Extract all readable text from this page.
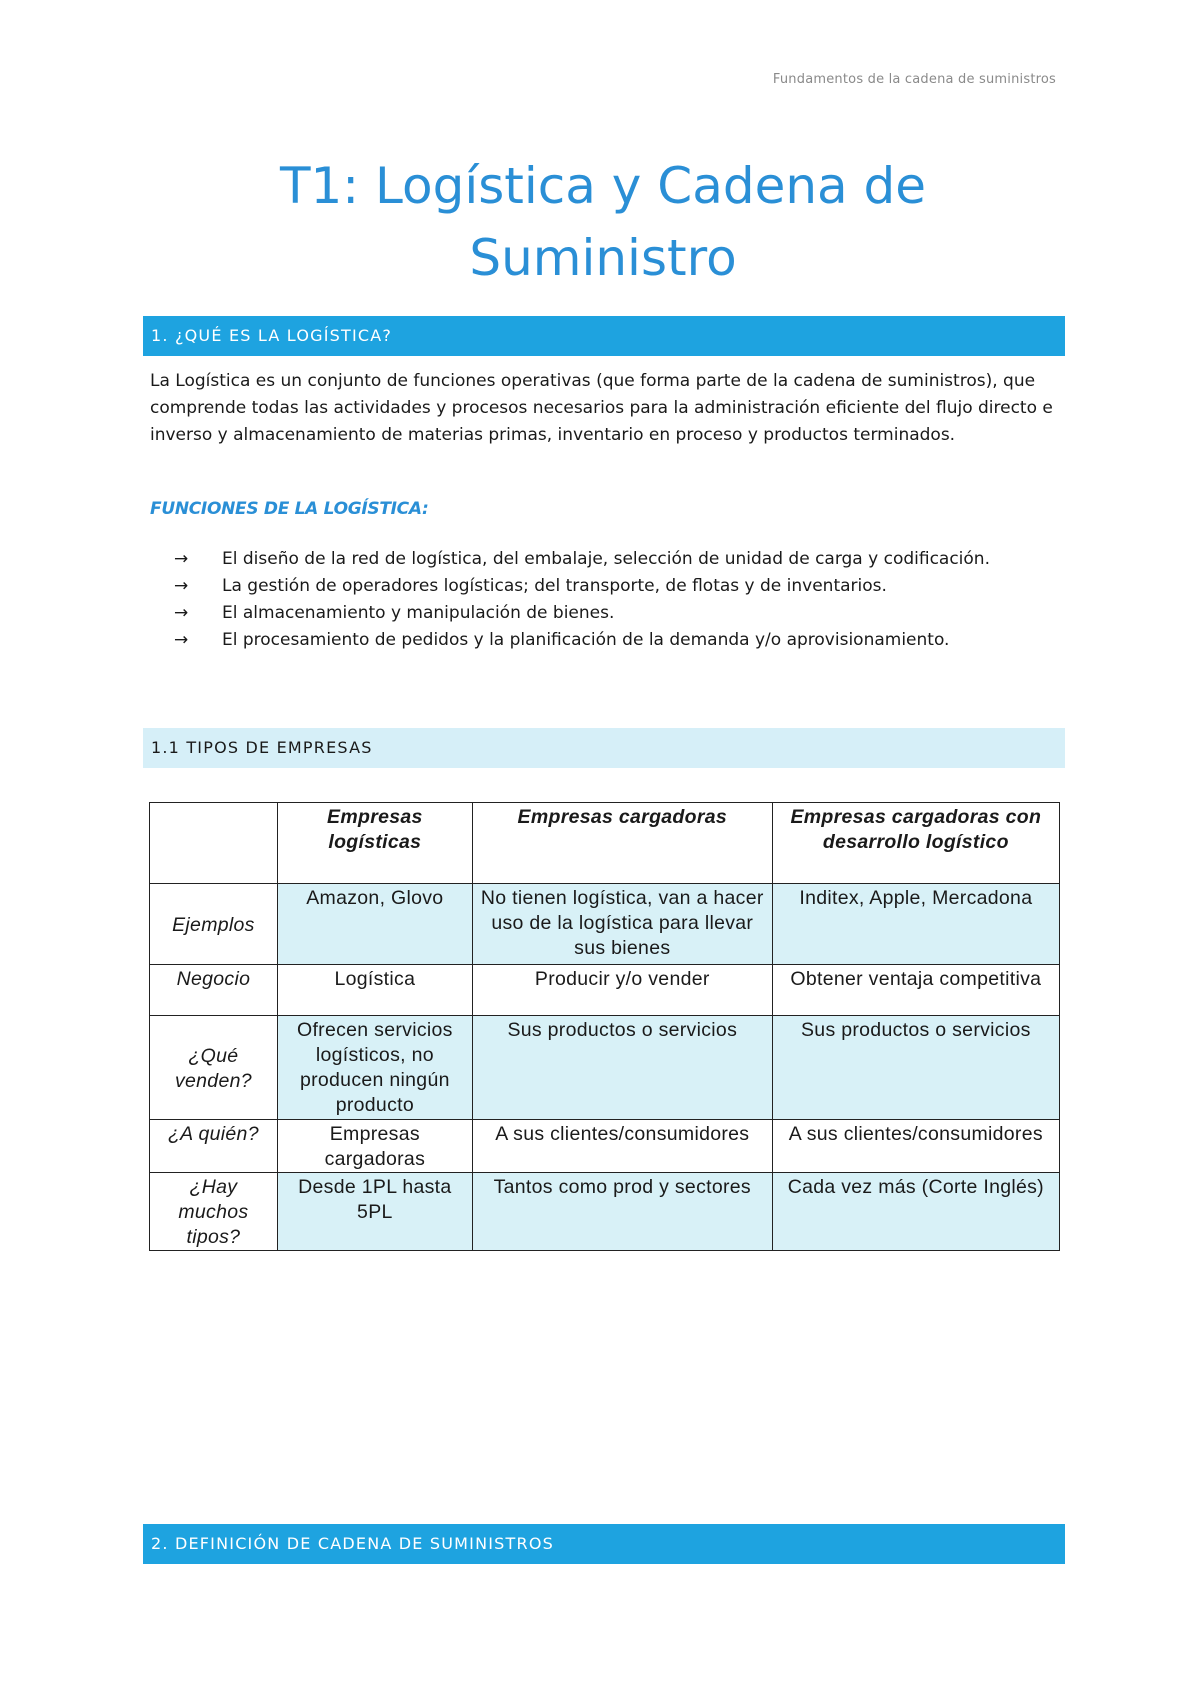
Fundamentos de la cadena de suministros
T1: Logística y Cadena de
Suministro
1. ¿QUÉ ES LA LOGÍSTICA?

La Logística es un conjunto de funciones operativas (que forma parte de la cadena de suministros), que comprende todas las actividades y procesos necesarios para la administración eficiente del flujo directo e inverso y almacenamiento de materias primas, inventario en proceso y productos terminados.

FUNCIONES DE LA LOGÍSTICA:
→	El diseño de la red de logística, del embalaje, selección de unidad de carga y codificación.
→	La gestión de operadores logísticas; del transporte, de flotas y de inventarios.
→	El almacenamiento y manipulación de bienes.
→	El procesamiento de pedidos y la planificación de la demanda y/o aprovisionamiento.
1.1 TIPOS DE EMPRESAS
	Empresas logísticas	Empresas cargadoras	Empresas cargadoras con desarrollo logístico
Ejemplos	Amazon, Glovo	No tienen logística, van a hacer uso de la logística para llevar sus bienes	Inditex, Apple, Mercadona
Negocio	Logística	Producir y/o vender	Obtener ventaja competitiva
¿Qué venden?	Ofrecen servicios logísticos, no producen ningún producto	Sus productos o servicios	Sus productos o servicios
¿A quién?	Empresas cargadoras	A sus clientes/consumidores	A sus clientes/consumidores
¿Hay muchos tipos?	Desde 1PL hasta 5PL	Tantos como prod y sectores	Cada vez más (Corte Inglés)
2. DEFINICIÓN DE CADENA DE SUMINISTROS
